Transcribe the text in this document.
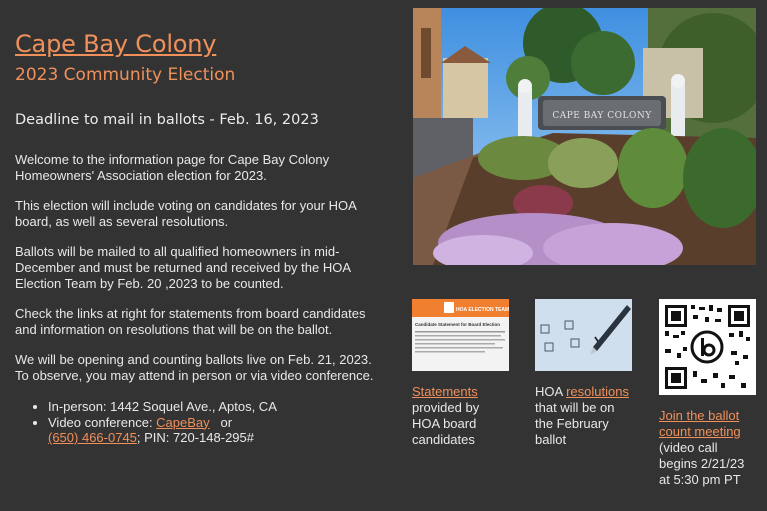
Cape Bay Colony
2023 Community Election
Deadline to mail in ballots - Feb. 16, 2023

Welcome to the information page for Cape Bay Colony Homeowners' Association election for 2023.

This election will include voting on candidates for your HOA board, as well as several resolutions.

Ballots will be mailed to all qualified homeowners in mid-December and must be returned and received by the HOA Election Team by Feb. 20 ,2023 to be counted.

Check the links at right for statements from board candidates and information on resolutions that will be on the ballot.

We will be opening and counting ballots live on Feb. 21, 2023. To observe, you may attend in person or via video conference.

• In-person: 1442 Soquel Ave., Aptos, CA
• Video conference: CapeBay   or
(650) 466-0745; PIN: 720-148-295#
CAPE BAY COLONY
HOA ELECTION TEAM
Candidate Statement for Board Election
Statements
provided by HOA board candidates
HOA resolutions
that will be on the February ballot
Join the ballot count meeting
(video call begins 2/21/23 at 5:30 pm PT
